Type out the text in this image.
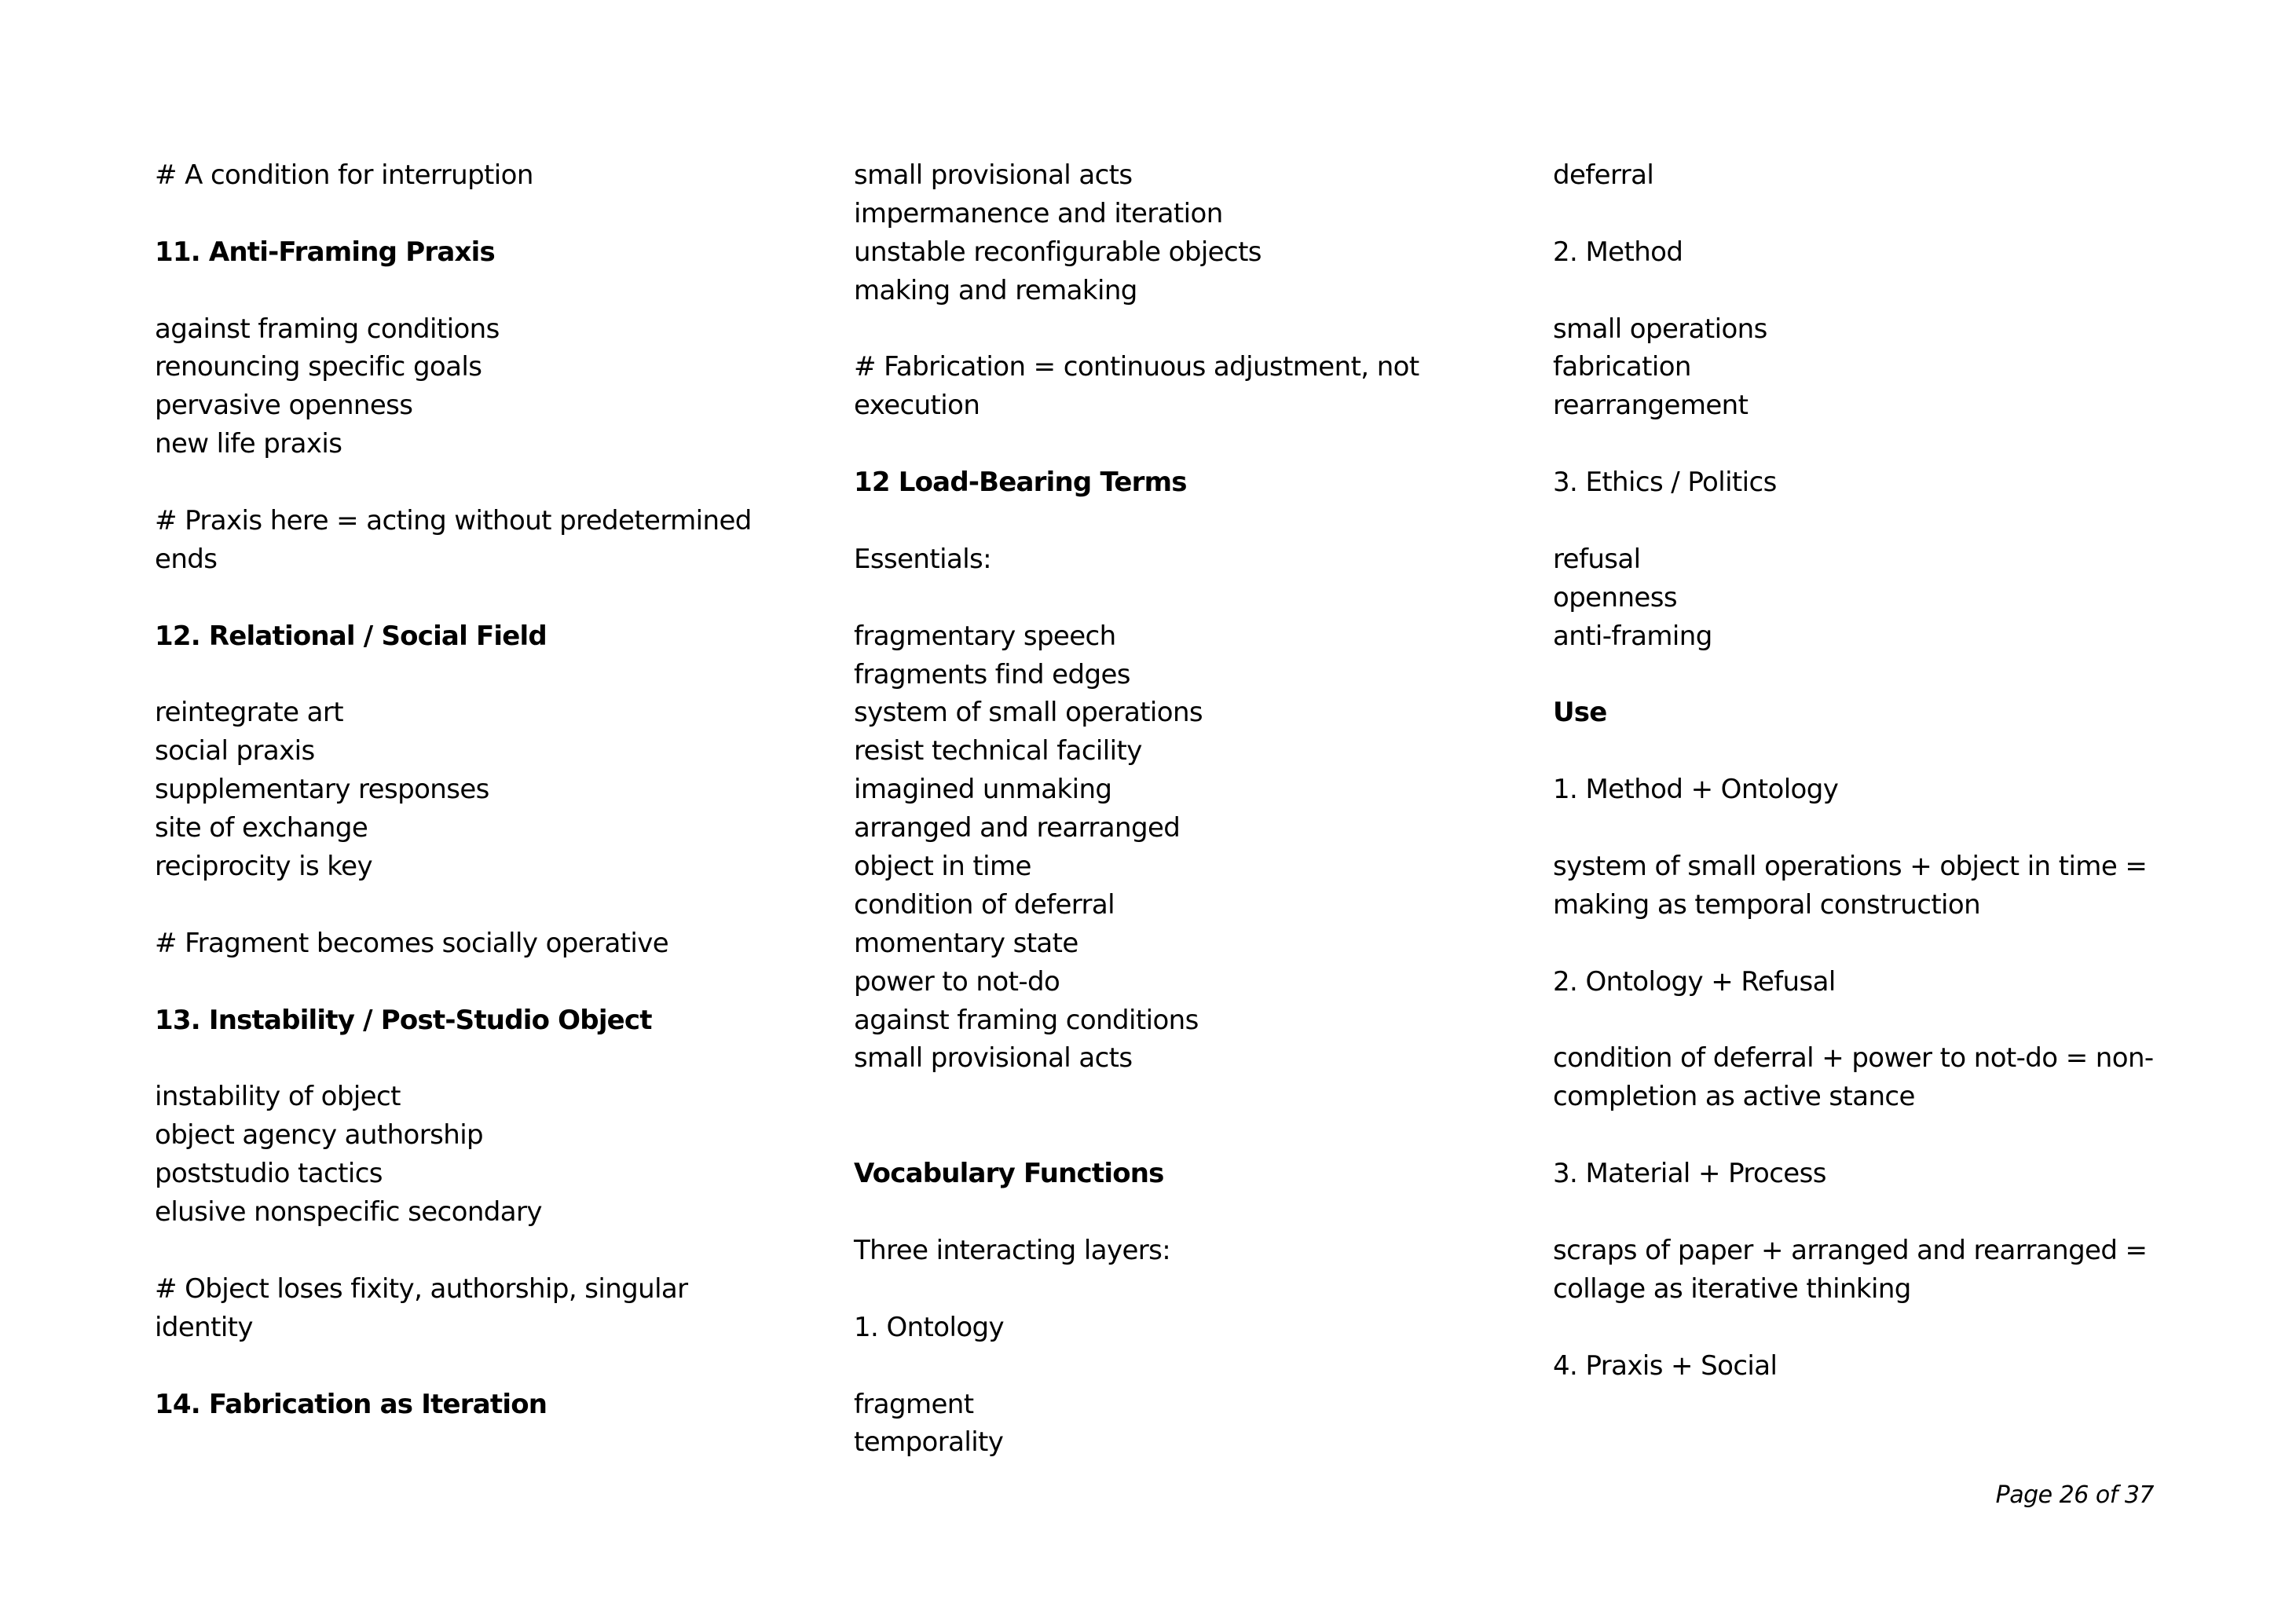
# A condition for interruption
11. Anti-Framing Praxis
against framing conditions
renouncing specific goals
pervasive openness
new life praxis
# Praxis here = acting without predetermined
ends
12. Relational / Social Field
reintegrate art
social praxis
supplementary responses
site of exchange
reciprocity is key
# Fragment becomes socially operative
13. Instability / Post-Studio Object
instability of object
object agency authorship
poststudio tactics
elusive nonspecific secondary
# Object loses fixity, authorship, singular
identity
14. Fabrication as Iteration
small provisional acts
impermanence and iteration
unstable reconfigurable objects
making and remaking
# Fabrication = continuous adjustment, not
execution
12 Load-Bearing Terms
Essentials:
fragmentary speech
fragments find edges
system of small operations
resist technical facility
imagined unmaking
arranged and rearranged
object in time
condition of deferral
momentary state
power to not-do
against framing conditions
small provisional acts
Vocabulary Functions
Three interacting layers:
1. Ontology
fragment
temporality
deferral
2. Method
small operations
fabrication
rearrangement
3. Ethics / Politics
refusal
openness
anti-framing
Use
1. Method + Ontology
system of small operations + object in time =
making as temporal construction
2. Ontology + Refusal
condition of deferral + power to not-do = non-
completion as active stance
3. Material + Process
scraps of paper + arranged and rearranged =
collage as iterative thinking
4. Praxis + Social
Page 26 of 37
